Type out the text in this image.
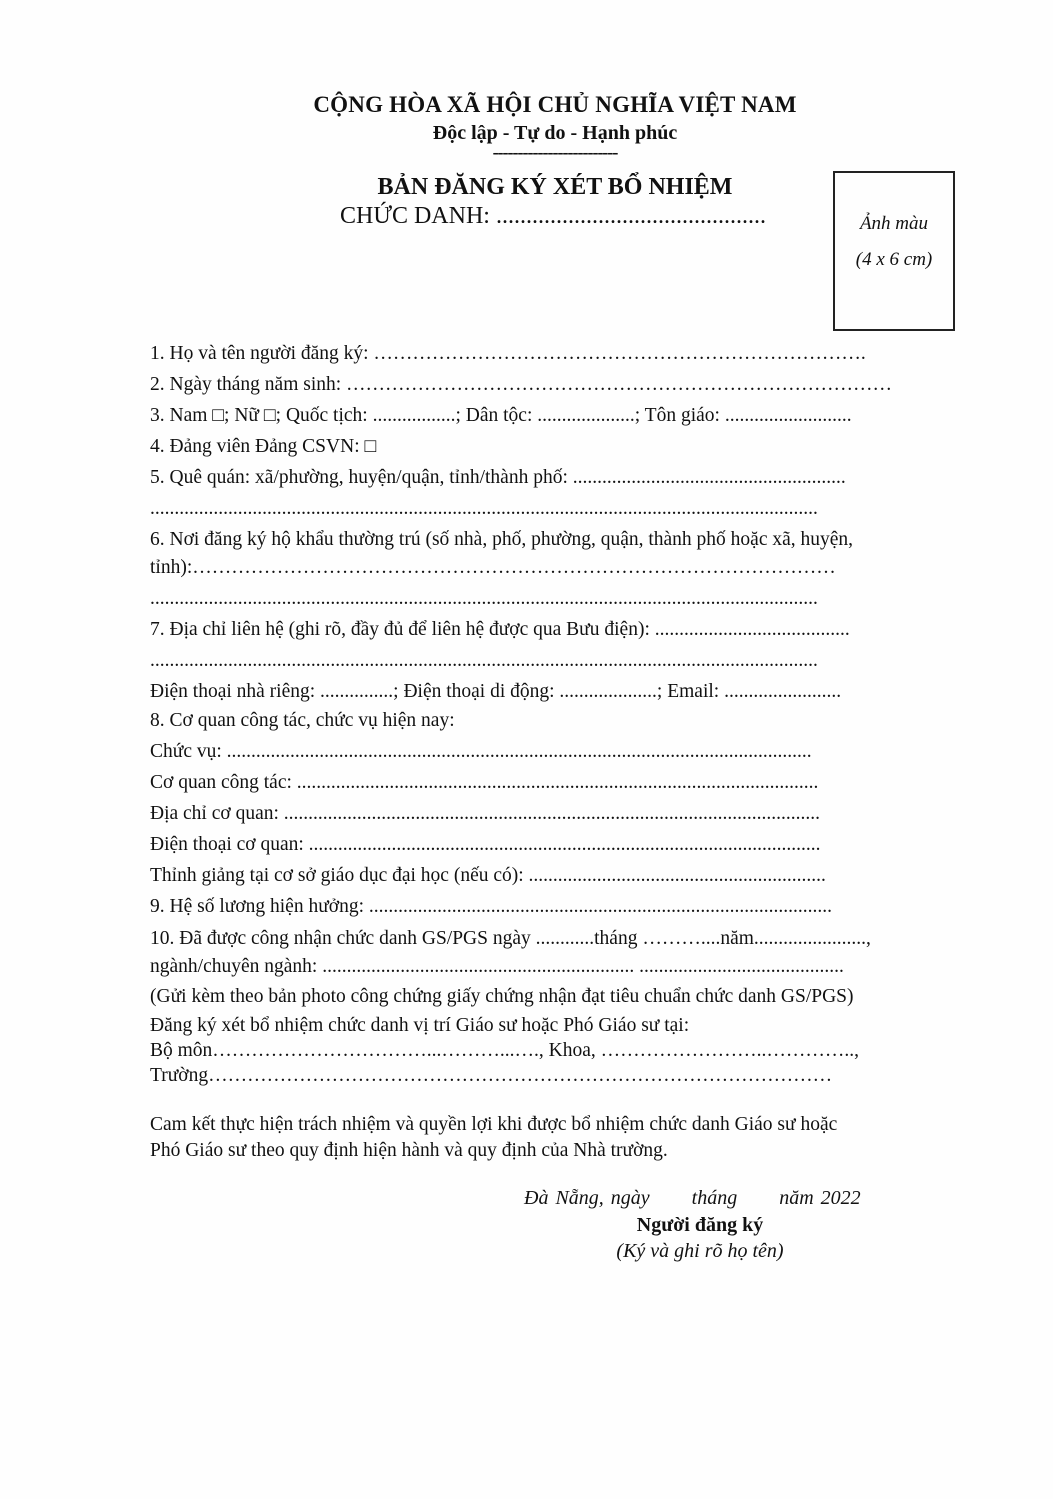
CỘNG HÒA XÃ HỘI CHỦ NGHĨA VIỆT NAM
Độc lập - Tự do - Hạnh phúc
-------------------------
BẢN ĐĂNG KÝ XÉT BỔ NHIỆM
CHỨC DANH: .............................................	Ảnh màu
(4 x 6 cm)
1. Họ và tên người đăng ký: ………………………………………………………………….
2. Ngày tháng năm sinh: …………………………………………………………………………
3. Nam □; Nữ □; Quốc tịch: .................; Dân tộc: ....................; Tôn giáo: ..........................
4. Đảng viên Đảng CSVN: □
5. Quê quán: xã/phường, huyện/quận, tỉnh/thành phố: ........................................................
.........................................................................................................................................
6. Nơi đăng ký hộ khẩu thường trú (số nhà, phố, phường, quận, thành phố hoặc xã, huyện,
tỉnh):………………………………………………………………………………………
.........................................................................................................................................
7. Địa chỉ liên hệ (ghi rõ, đầy đủ để liên hệ được qua Bưu điện): ........................................
.........................................................................................................................................
Điện thoại nhà riêng: ...............; Điện thoại di động: ....................; Email: ........................
8. Cơ quan công tác, chức vụ hiện nay:
Chức vụ: ........................................................................................................................
Cơ quan công tác: ...........................................................................................................
Địa chỉ cơ quan: ..............................................................................................................
Điện thoại cơ quan: .........................................................................................................
Thỉnh giảng tại cơ sở giáo dục đại học (nếu có): .............................................................
9. Hệ số lương hiện hưởng: ...............................................................................................
10. Đã được công nhận chức danh GS/PGS ngày ............tháng ………....năm.......................,
ngành/chuyên ngành: ................................................................ ..........................................
(Gửi kèm theo bản photo công chứng giấy chứng nhận đạt tiêu chuẩn chức danh GS/PGS)
Đăng ký xét bổ nhiệm chức danh vị trí Giáo sư hoặc Phó Giáo sư tại:
Bộ môn……………………………...………...…., Khoa, ……………………..…………..,
Trường……………………………………………………………………………………
Cam kết thực hiện trách nhiệm và quyền lợi khi được bổ nhiệm chức danh Giáo sư hoặc
Phó Giáo sư theo quy định hiện hành và quy định của Nhà trường.
Đà Nẵng, ngày      tháng      năm 2022
Người đăng ký
(Ký và ghi rõ họ tên)
